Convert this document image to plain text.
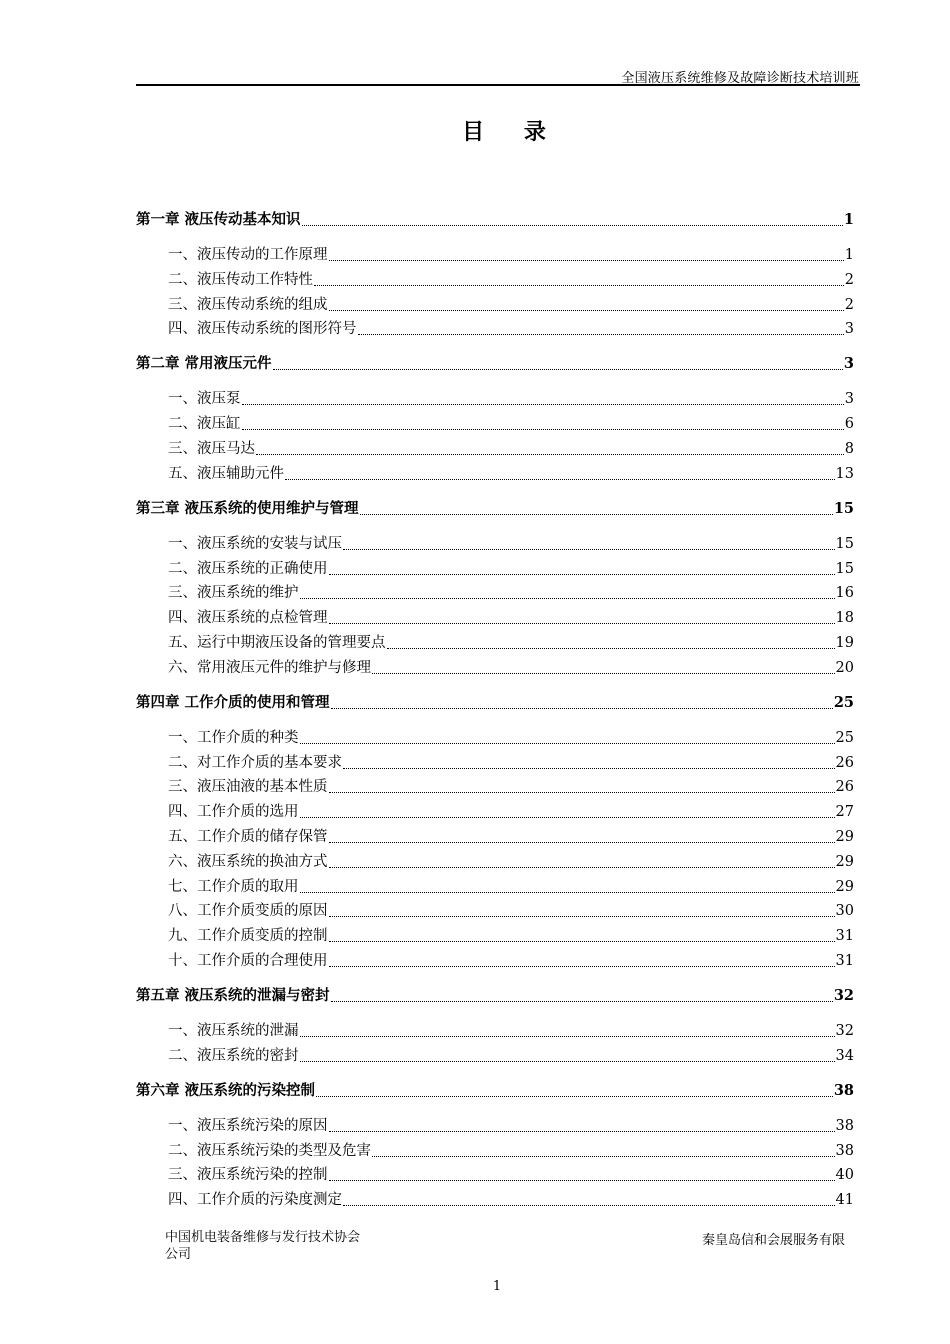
全国液压系统维修及故障诊断技术培训班
目 录
第一章 液压传动基本知识	1
一、液压传动的工作原理	1
二、液压传动工作特性	2
三、液压传动系统的组成	2
四、液压传动系统的图形符号	3
第二章 常用液压元件	3
一、液压泵	3
二、液压缸	6
三、液压马达	8
五、液压辅助元件	13
第三章 液压系统的使用维护与管理	15
一、液压系统的安装与试压	15
二、液压系统的正确使用	15
三、液压系统的维护	16
四、液压系统的点检管理	18
五、运行中期液压设备的管理要点	19
六、常用液压元件的维护与修理	20
第四章 工作介质的使用和管理	25
一、工作介质的种类	25
二、对工作介质的基本要求	26
三、液压油液的基本性质	26
四、工作介质的选用	27
五、工作介质的储存保管	29
六、液压系统的换油方式	29
七、工作介质的取用	29
八、工作介质变质的原因	30
九、工作介质变质的控制	31
十、工作介质的合理使用	31
第五章 液压系统的泄漏与密封	32
一、液压系统的泄漏	32
二、液压系统的密封	34
第六章 液压系统的污染控制	38
一、液压系统污染的原因	38
二、液压系统污染的类型及危害	38
三、液压系统污染的控制	40
四、工作介质的污染度测定	41
中国机电装备维修与发行技术协会
公司
秦皇岛信和会展服务有限
1
